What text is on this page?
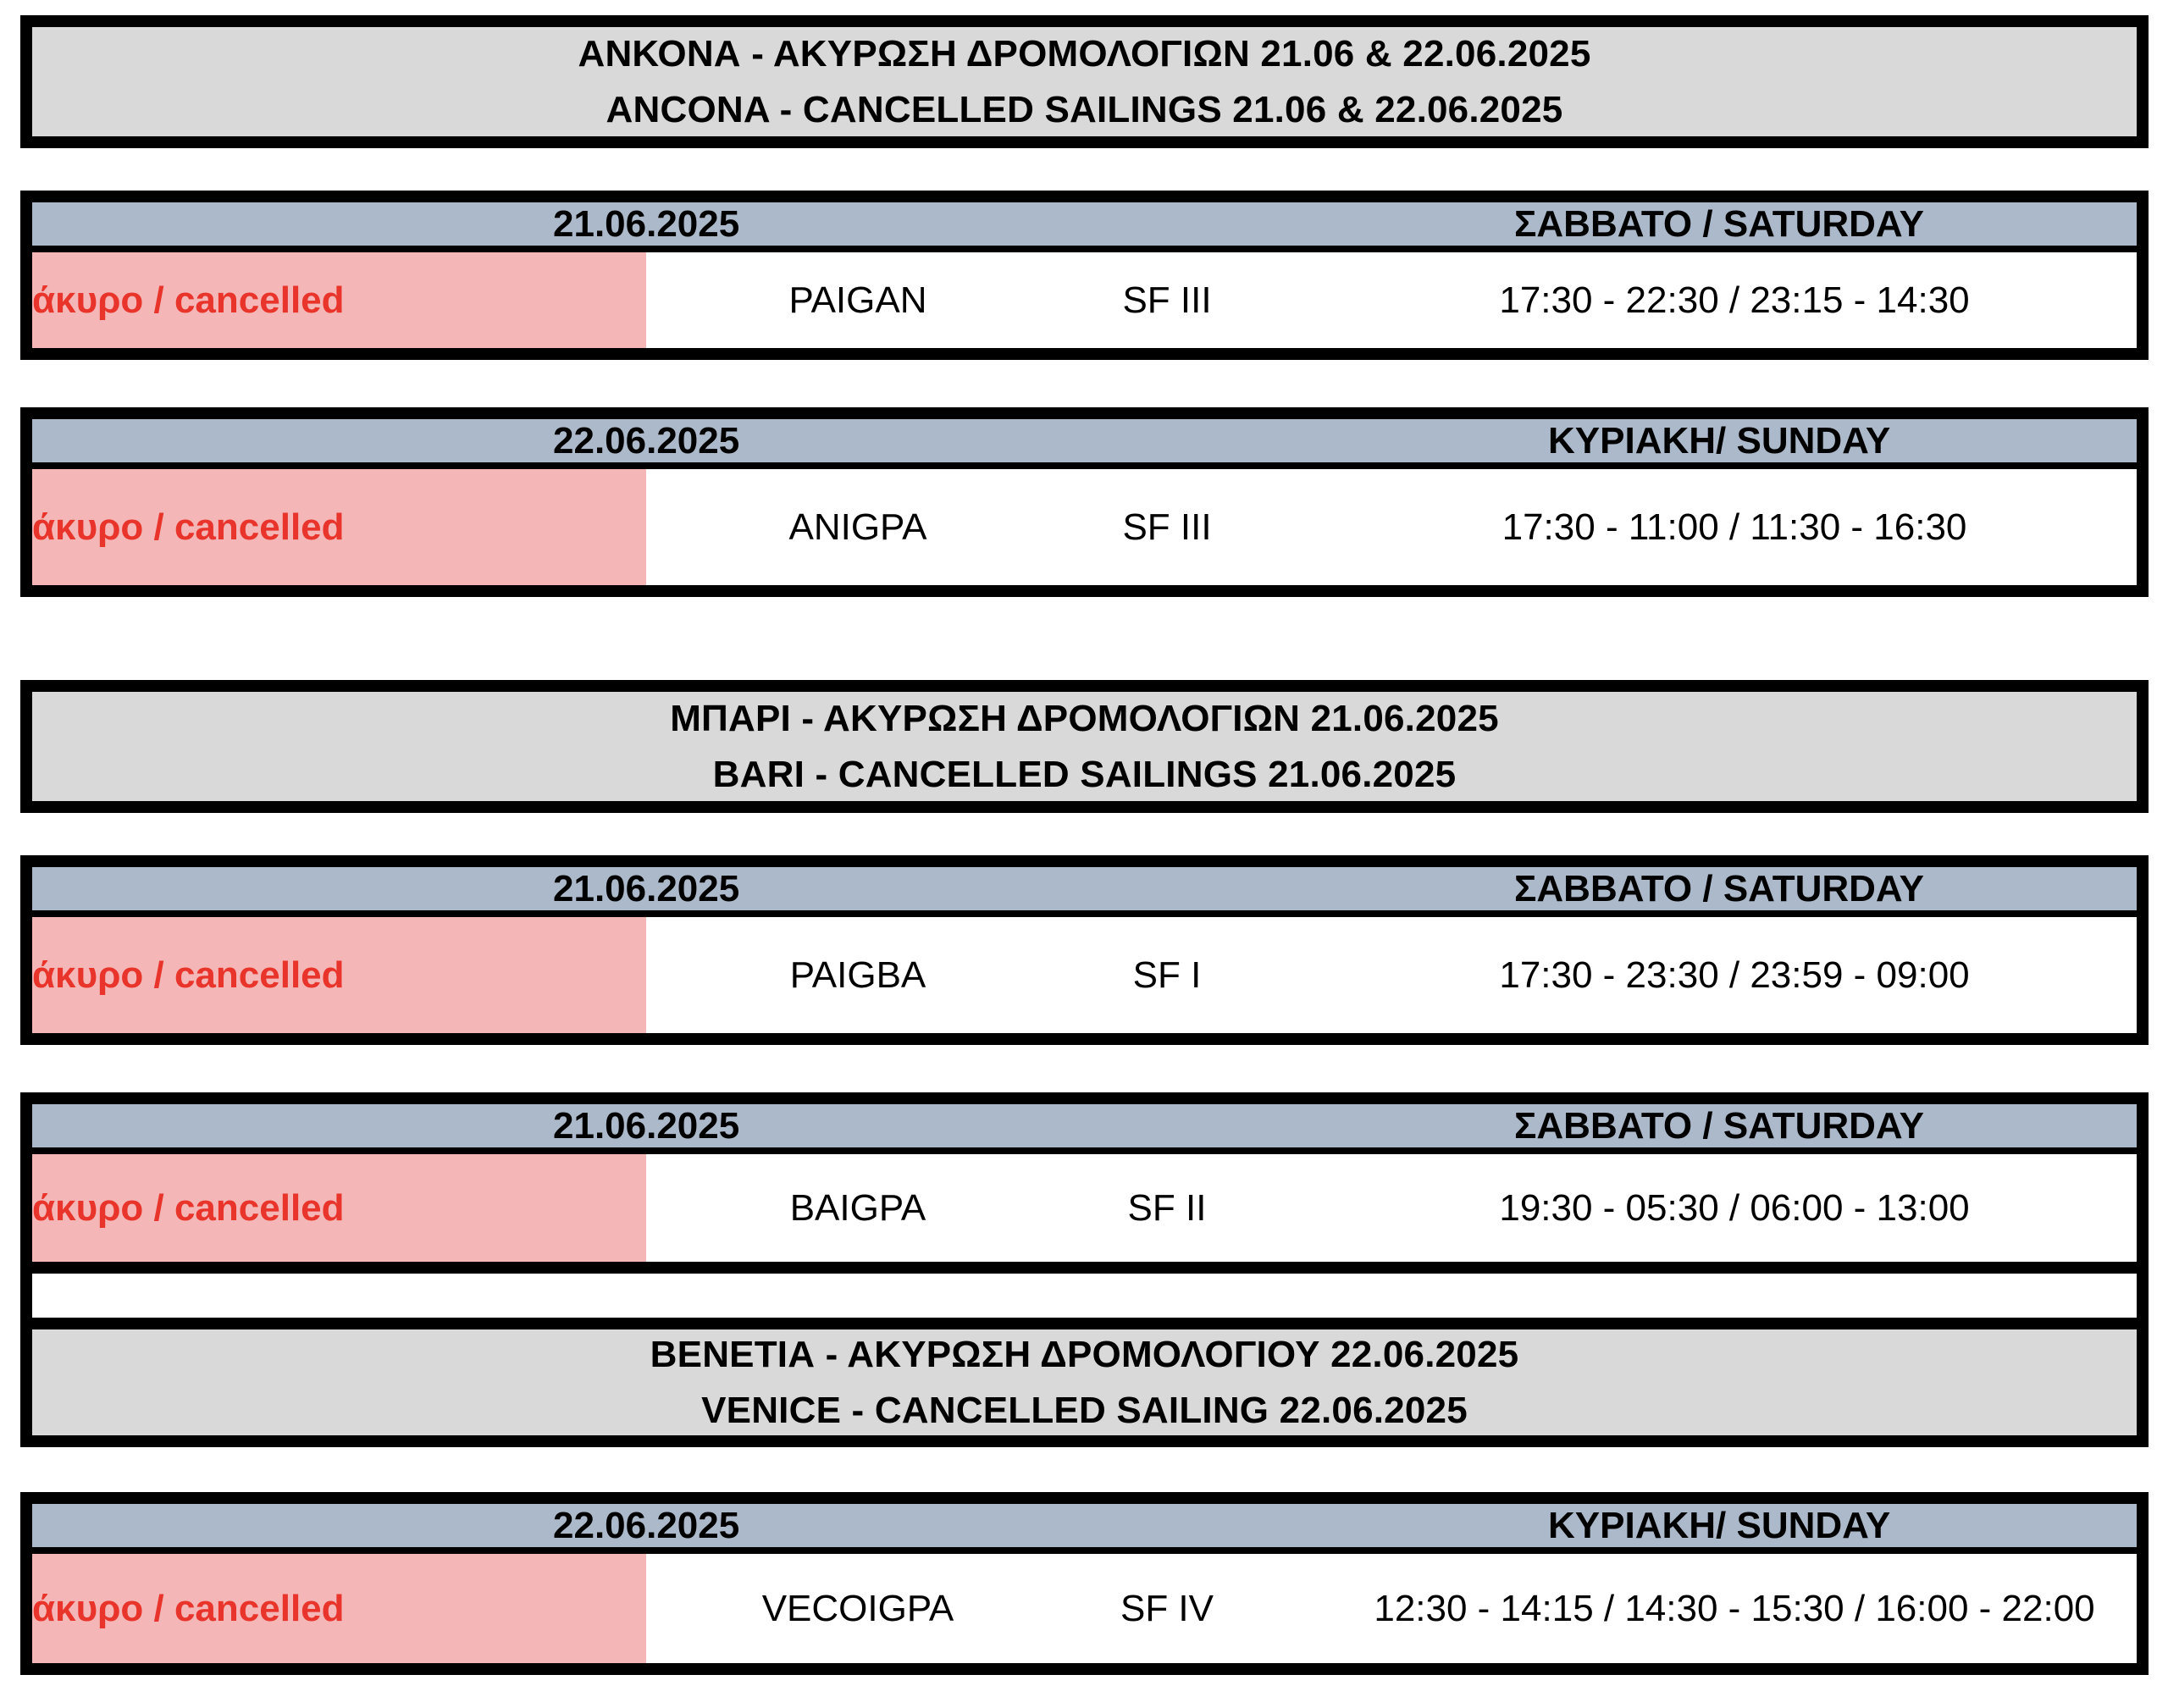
ΑΝΚΟΝΑ - ΑΚΥΡΩΣΗ ΔΡΟΜΟΛΟΓΙΩΝ 21.06 & 22.06.2025
ANCONA - CANCELLED SAILINGS 21.06 & 22.06.2025
21.06.2025	ΣΑΒΒΑΤΟ / SATURDAY
άκυρο / cancelled	PAIGAN	SF III	17:30 - 22:30 / 23:15 - 14:30
22.06.2025	ΚΥΡΙΑΚΗ/ SUNDAY
άκυρο / cancelled	ANIGPA	SF III	17:30 - 11:00 / 11:30 - 16:30
ΜΠΑΡΙ - ΑΚΥΡΩΣΗ ΔΡΟΜΟΛΟΓΙΩΝ 21.06.2025
BARI - CANCELLED SAILINGS 21.06.2025
21.06.2025	ΣΑΒΒΑΤΟ / SATURDAY
άκυρο / cancelled	PAIGBA	SF I	17:30 - 23:30 / 23:59 - 09:00
21.06.2025	ΣΑΒΒΑΤΟ / SATURDAY
άκυρο / cancelled	BAIGPA	SF II	19:30 - 05:30 / 06:00 - 13:00
ΒΕΝΕΤΙΑ - ΑΚΥΡΩΣΗ ΔΡΟΜΟΛΟΓΙΟΥ 22.06.2025
VENICE - CANCELLED SAILING 22.06.2025
22.06.2025	ΚΥΡΙΑΚΗ/ SUNDAY
άκυρο / cancelled	VECOIGPA	SF IV	12:30 - 14:15 / 14:30 - 15:30 / 16:00 - 22:00
